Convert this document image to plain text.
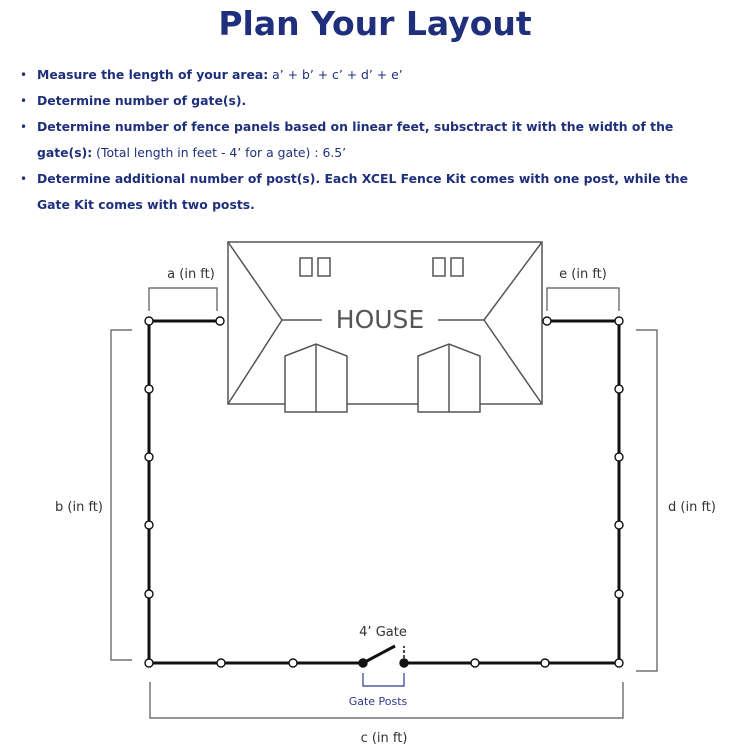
Plan Your Layout
• Measure the length of your area: a’ + b’ + c’ + d’ + e’
• Determine number of gate(s).
• Determine number of fence panels based on linear feet, subsctract it with the width of the gate(s): (Total length in feet - 4’ for a gate) : 6.5’
• Determine additional number of post(s). Each XCEL Fence Kit comes with one post, while the Gate Kit comes with two posts.
HOUSE
a (in ft)	e (in ft)
b (in ft)	d (in ft)
c (in ft)
4’ Gate
Gate Posts
